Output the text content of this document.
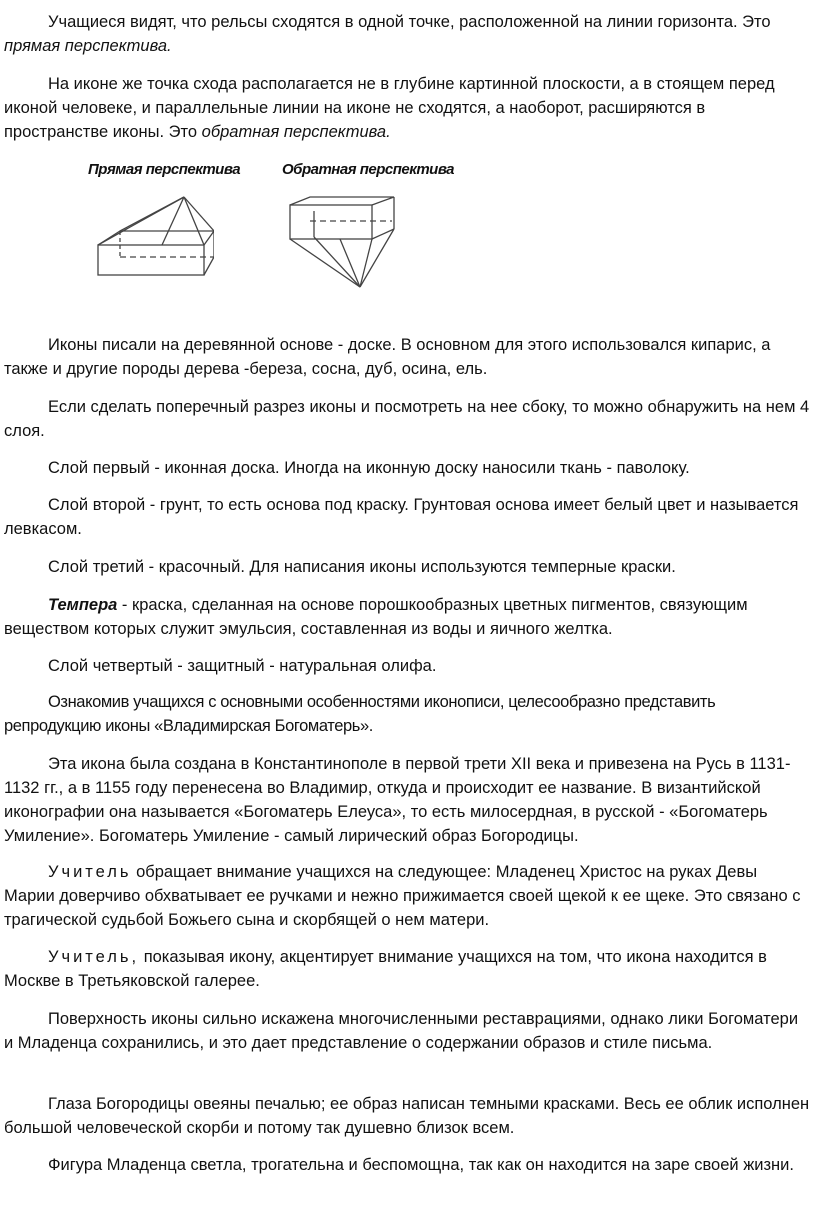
Учащиеся видят, что рельсы сходятся в одной точке, расположенной на линии горизонта. Это прямая перспектива.

На иконе же точка схода располагается не в глубине картинной плоскости, а в стоящем перед иконой человеке, и параллельные линии на иконе не сходятся, а наоборот, расширяются в пространстве иконы. Это обратная перспектива.

Прямая перспектива	Обратная перспектива

Иконы писали на деревянной основе - доске. В основном для этого использовался кипарис, а также и другие породы дерева -береза, сосна, дуб, осина, ель.

Если сделать поперечный разрез иконы и посмотреть на нее сбоку, то можно обнаружить на нем 4 слоя.

Слой первый - иконная доска. Иногда на иконную доску наносили ткань - паволоку.

Слой второй - грунт, то есть основа под краску. Грунтовая основа имеет белый цвет и называется левкасом.

Слой третий - красочный. Для написания иконы используются темперные краски.

Темпера - краска, сделанная на основе порошкообразных цветных пигментов, связующим веществом которых служит эмульсия, составленная из воды и яичного желтка.

Слой четвертый - защитный - натуральная олифа.

Ознакомив учащихся с основными особенностями иконописи, целесообразно представить репродукцию иконы «Владимирская Богоматерь».

Эта икона была создана в Константинополе в первой трети XII века и привезена на Русь в 1131-1132 гг., а в 1155 году перенесена во Владимир, откуда и происходит ее название. В византийской иконографии она называется «Богоматерь Елеуса», то есть милосердная, в русской - «Богоматерь Умиление». Богоматерь Умиление - самый лирический образ Богородицы.

Учитель обращает внимание учащихся на следующее: Младенец Христос на руках Девы Марии доверчиво обхватывает ее ручками и нежно прижимается своей щекой к ее щеке. Это связано с трагической судьбой Божьего сына и скорбящей о нем матери.

Учитель, показывая икону, акцентирует внимание учащихся на том, что икона находится в Москве в Третьяковской галерее.

Поверхность иконы сильно искажена многочисленными реставрациями, однако лики Богоматери и Младенца сохранились, и это дает представление о содержании образов и стиле письма.

Глаза Богородицы овеяны печалью; ее образ написан темными красками. Весь ее облик исполнен большой человеческой скорби и потому так душевно близок всем.

Фигура Младенца светла, трогательна и беспомощна, так как он находится на заре своей жизни.
